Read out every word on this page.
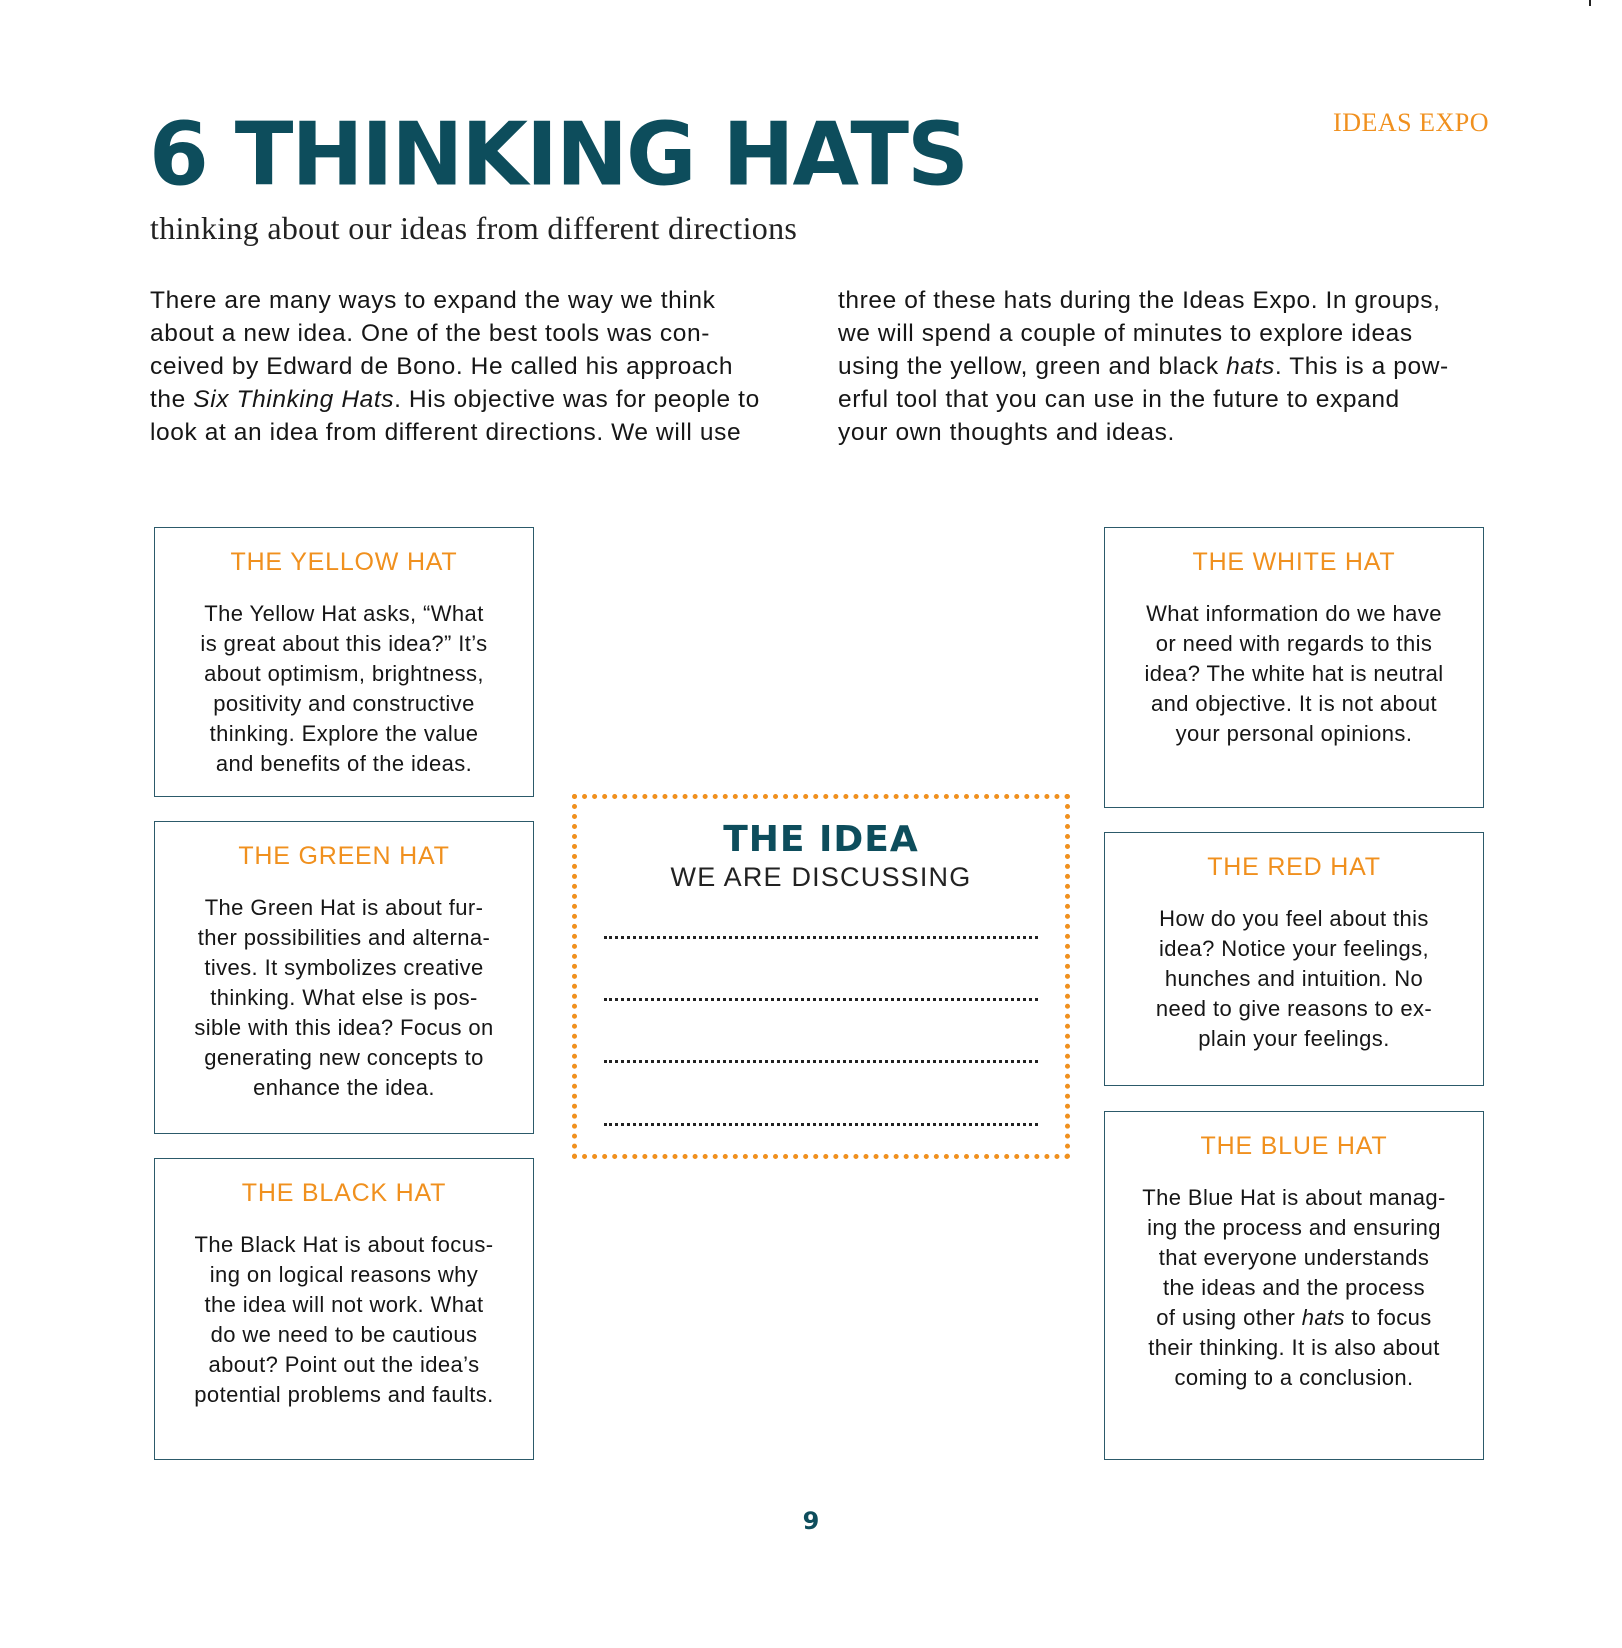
IDEAS EXPO
6 THINKING HATS

thinking about our ideas from different directions

There are many ways to expand the way we think
about a new idea. One of the best tools was con-
ceived by Edward de Bono. He called his approach
the Six Thinking Hats. His objective was for people to
look at an idea from different directions. We will use

three of these hats during the Ideas Expo. In groups,
we will spend a couple of minutes to explore ideas
using the yellow, green and black hats. This is a pow-
erful tool that you can use in the future to expand
your own thoughts and ideas.

THE YELLOW HAT
The Yellow Hat asks, “What
is great about this idea?” It’s
about optimism, brightness,
positivity and constructive
thinking. Explore the value
and benefits of the ideas.
THE GREEN HAT
The Green Hat is about fur-
ther possibilities and alterna-
tives. It symbolizes creative
thinking. What else is pos-
sible with this idea? Focus on
generating new concepts to
enhance the idea.
THE BLACK HAT
The Black Hat is about focus-
ing on logical reasons why
the idea will not work. What
do we need to be cautious
about? Point out the idea’s
potential problems and faults.
THE WHITE HAT
What information do we have
or need with regards to this
idea? The white hat is neutral
and objective. It is not about
your personal opinions.
THE RED HAT
How do you feel about this
idea? Notice your feelings,
hunches and intuition. No
need to give reasons to ex-
plain your feelings.
THE BLUE HAT
The Blue Hat is about manag-
ing the process and ensuring
that everyone understands
the ideas and the process
of using other hats to focus
their thinking. It is also about
coming to a conclusion.
THE IDEA
WE ARE DISCUSSING
9
